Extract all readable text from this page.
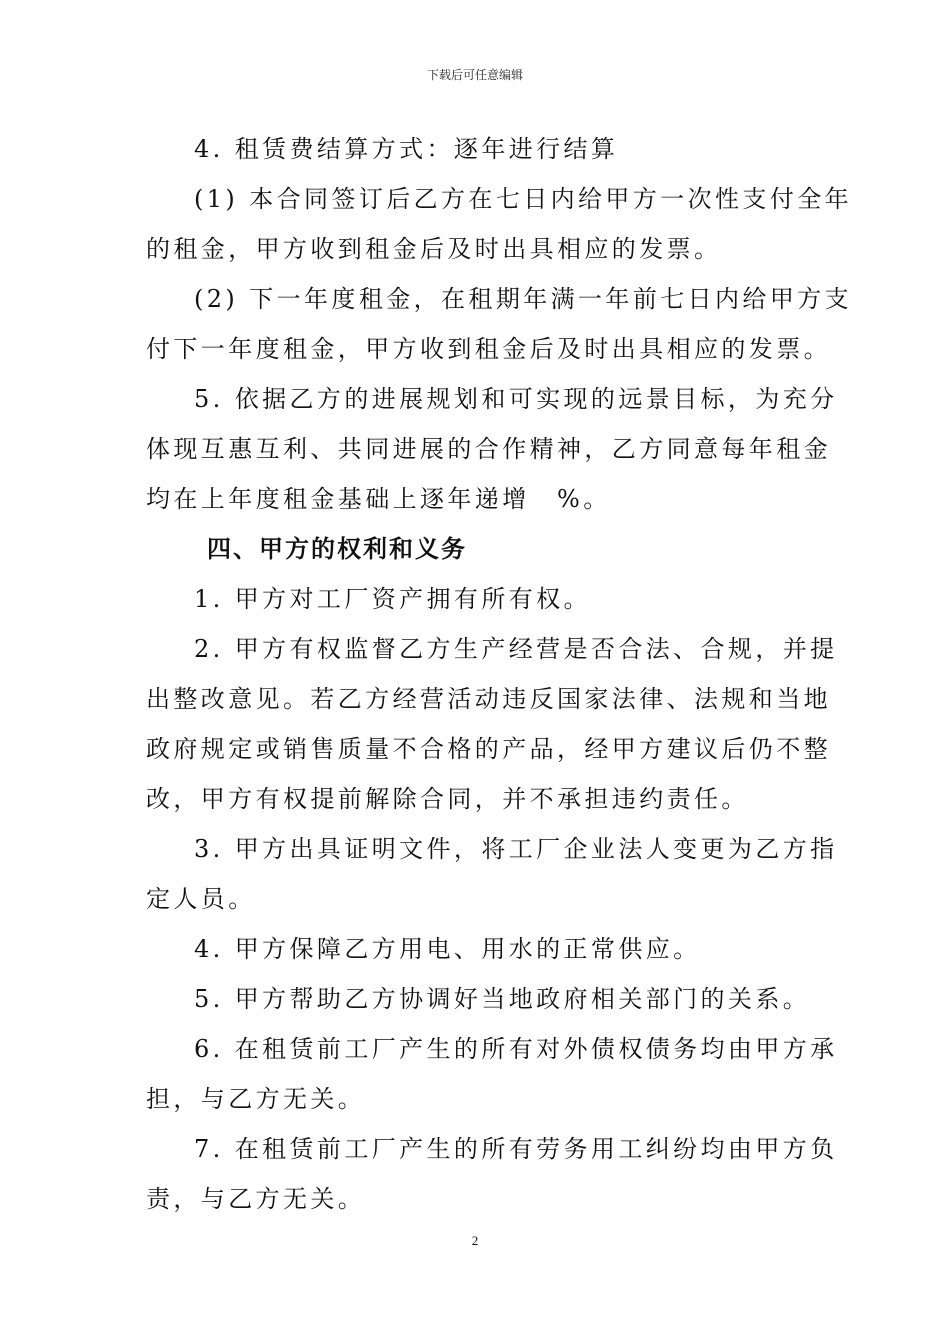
下载后可任意编辑
4. 租赁费结算方式：逐年进行结算
(1) 本合同签订后乙方在七日内给甲方一次性支付全年
的租金，甲方收到租金后及时出具相应的发票。
(2) 下一年度租金，在租期年满一年前七日内给甲方支
付下一年度租金，甲方收到租金后及时出具相应的发票。
5. 依据乙方的进展规划和可实现的远景目标，为充分
体现互惠互利、共同进展的合作精神，乙方同意每年租金
均在上年度租金基础上逐年递增　%。
四、甲方的权利和义务
1. 甲方对工厂资产拥有所有权。
2. 甲方有权监督乙方生产经营是否合法、合规，并提
出整改意见。若乙方经营活动违反国家法律、法规和当地
政府规定或销售质量不合格的产品，经甲方建议后仍不整
改，甲方有权提前解除合同，并不承担违约责任。
3. 甲方出具证明文件，将工厂企业法人变更为乙方指
定人员。
4. 甲方保障乙方用电、用水的正常供应。
5. 甲方帮助乙方协调好当地政府相关部门的关系。
6. 在租赁前工厂产生的所有对外债权债务均由甲方承
担，与乙方无关。
7. 在租赁前工厂产生的所有劳务用工纠纷均由甲方负
责，与乙方无关。
2
